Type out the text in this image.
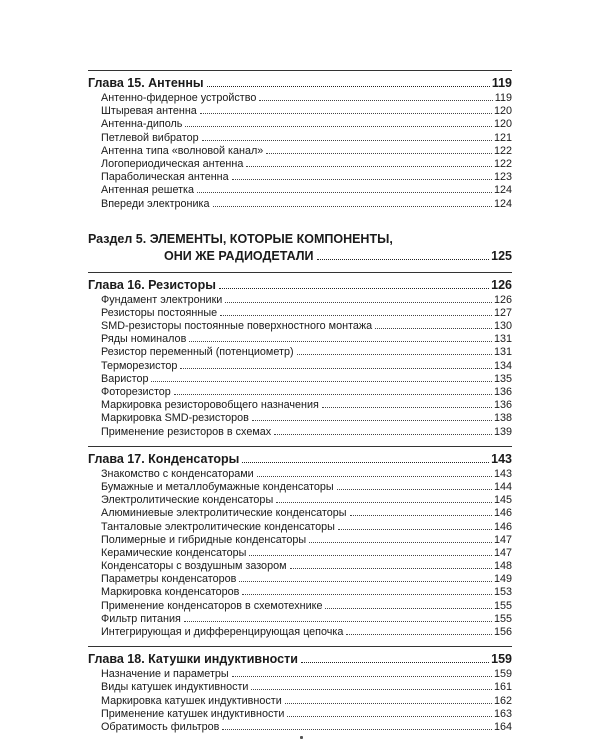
Глава 15. Антенны	119
Антенно-фидерное устройство	119
Штыревая антенна	120
Антенна-диполь	120
Петлевой вибратор	121
Антенна типа «волновой канал»	122
Логопериодическая антенна	122
Параболическая антенна	123
Антенная решетка	124
Впереди электроника	124
Раздел 5. ЭЛЕМЕНТЫ, КОТОРЫЕ КОМПОНЕНТЫ,
ОНИ ЖЕ РАДИОДЕТАЛИ	125
Глава 16. Резисторы	126
Фундамент электроники	126
Резисторы постоянные	127
SMD-резисторы постоянные поверхностного монтажа	130
Ряды номиналов	131
Резистор переменный (потенциометр)	131
Терморезистор	134
Варистор	135
Фоторезистор	136
Маркировка резисторовобщего назначения	136
Маркировка SMD-резисторов	138
Применение резисторов в схемах	139
Глава 17. Конденсаторы	143
Знакомство с конденсаторами	143
Бумажные и металлобумажные конденсаторы	144
Электролитические конденсаторы	145
Алюминиевые электролитические конденсаторы	146
Танталовые электролитические конденсаторы	146
Полимерные и гибридные конденсаторы	147
Керамические конденсаторы	147
Конденсаторы с воздушным зазором	148
Параметры конденсаторов	149
Маркировка конденсаторов	153
Применение конденсаторов в схемотехнике	155
Фильтр питания	155
Интегрирующая и дифференцирующая цепочка	156
Глава 18. Катушки индуктивности	159
Назначение и параметры	159
Виды катушек индуктивности	161
Маркировка катушек индуктивности	162
Применение катушек индуктивности	163
Обратимость фильтров	164
